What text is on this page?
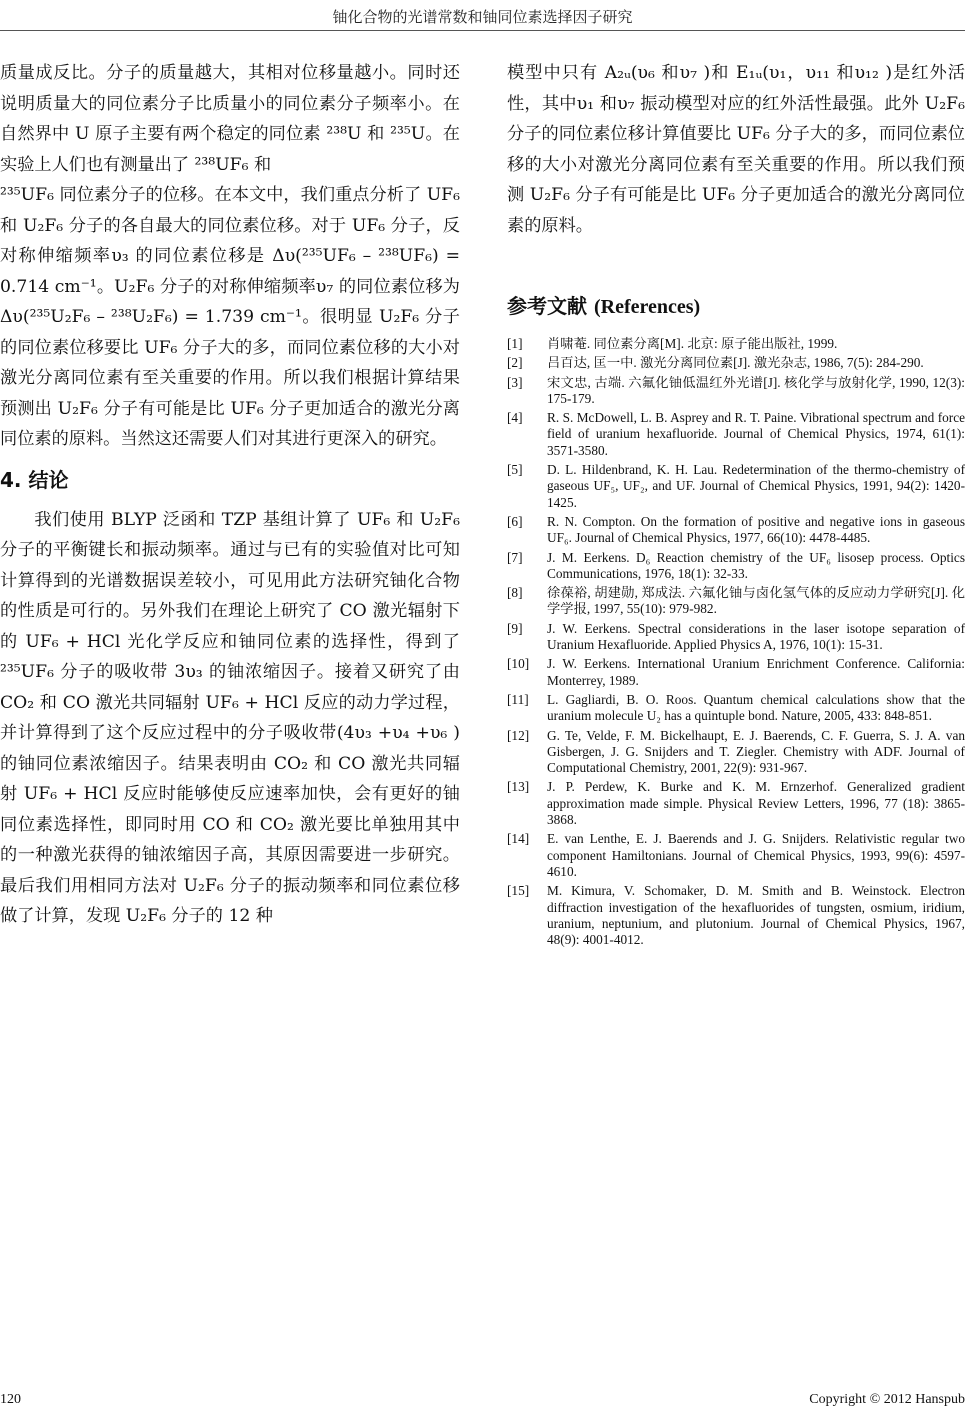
铀化合物的光谱常数和铀同位素选择因子研究

质量成反比。分子的质量越大，其相对位移量越小。同时还说明质量大的同位素分子比质量小的同位素分子频率小。在自然界中 U 原子主要有两个稳定的同位素 ²³⁸U 和 ²³⁵U。在实验上人们也有测量出了 ²³⁸UF₆ 和

²³⁵UF₆ 同位素分子的位移。在本文中，我们重点分析了 UF₆ 和 U₂F₆ 分子的各自最大的同位素位移。对于 UF₆ 分子，反对称伸缩频率υ₃ 的同位素位移是 Δυ(²³⁵UF₆ – ²³⁸UF₆) = 0.714 cm⁻¹。U₂F₆ 分子的对称伸缩频率υ₇ 的同位素位移为 Δυ(²³⁵U₂F₆ – ²³⁸U₂F₆) = 1.739 cm⁻¹。很明显 U₂F₆ 分子的同位素位移要比 UF₆ 分子大的多，而同位素位移的大小对激光分离同位素有至关重要的作用。所以我们根据计算结果预测出 U₂F₆ 分子有可能是比 UF₆ 分子更加适合的激光分离同位素的原料。当然这还需要人们对其进行更深入的研究。

4. 结论

我们使用 BLYP 泛函和 TZP 基组计算了 UF₆ 和 U₂F₆ 分子的平衡键长和振动频率。通过与已有的实验值对比可知计算得到的光谱数据误差较小，可见用此方法研究铀化合物的性质是可行的。另外我们在理论上研究了 CO 激光辐射下的 UF₆ + HCl 光化学反应和铀同位素的选择性，得到了 ²³⁵UF₆ 分子的吸收带 3υ₃ 的铀浓缩因子。接着又研究了由 CO₂ 和 CO 激光共同辐射 UF₆ + HCl 反应的动力学过程，并计算得到了这个反应过程中的分子吸收带(4υ₃ +υ₄ +υ₆ )的铀同位素浓缩因子。结果表明由 CO₂ 和 CO 激光共同辐射 UF₆ + HCl 反应时能够使反应速率加快，会有更好的铀同位素选择性，即同时用 CO 和 CO₂ 激光要比单独用其中的一种激光获得的铀浓缩因子高，其原因需要进一步研究。最后我们用相同方法对 U₂F₆ 分子的振动频率和同位素位移做了计算，发现 U₂F₆ 分子的 12 种

模型中只有 A₂ᵤ(υ₆ 和υ₇ )和 E₁ᵤ(υ₁，υ₁₁ 和υ₁₂ )是红外活性，其中υ₁ 和υ₇ 振动模型对应的红外活性最强。此外 U₂F₆ 分子的同位素位移计算值要比 UF₆ 分子大的多，而同位素位移的大小对激光分离同位素有至关重要的作用。所以我们预测 U₂F₆ 分子有可能是比 UF₆ 分子更加适合的激光分离同位素的原料。

参考文献 (References)
[1]	肖啸菴. 同位素分离[M]. 北京: 原子能出版社, 1999.
[2]	吕百达, 匡一中. 激光分离同位素[J]. 激光杂志, 1986, 7(5): 284-290.
[3]	宋文忠, 古端. 六氟化铀低温红外光谱[J]. 核化学与放射化学, 1990, 12(3): 175-179.
[4]	R. S. McDowell, L. B. Asprey and R. T. Paine. Vibrational spectrum and force field of uranium hexafluoride. Journal of Chemical Physics, 1974, 61(1): 3571-3580.
[5]	D. L. Hildenbrand, K. H. Lau. Redetermination of the thermo-chemistry of gaseous UF₅, UF₂, and UF. Journal of Chemical Physics, 1991, 94(2): 1420-1425.
[6]	R. N. Compton. On the formation of positive and negative ions in gaseous UF₆. Journal of Chemical Physics, 1977, 66(10): 4478-4485.
[7]	J. M. Eerkens. D₆ Reaction chemistry of the UF₆ lisosep process. Optics Communications, 1976, 18(1): 32-33.
[8]	徐葆裕, 胡建勋, 郑成法. 六氟化铀与卤化氢气体的反应动力学研究[J]. 化学学报, 1997, 55(10): 979-982.
[9]	J. W. Eerkens. Spectral considerations in the laser isotope separation of Uranium Hexafluoride. Applied Physics A, 1976, 10(1): 15-31.
[10]	J. W. Eerkens. International Uranium Enrichment Conference. California: Monterrey, 1989.
[11]	L. Gagliardi, B. O. Roos. Quantum chemical calculations show that the uranium molecule U₂ has a quintuple bond. Nature, 2005, 433: 848-851.
[12]	G. Te, Velde, F. M. Bickelhaupt, E. J. Baerends, C. F. Guerra, S. J. A. van Gisbergen, J. G. Snijders and T. Ziegler. Chemistry with ADF. Journal of Computational Chemistry, 2001, 22(9): 931-967.
[13]	J. P. Perdew, K. Burke and K. M. Ernzerhof. Generalized gradient approximation made simple. Physical Review Letters, 1996, 77 (18): 3865-3868.
[14]	E. van Lenthe, E. J. Baerends and J. G. Snijders. Relativistic regular two component Hamiltonians. Journal of Chemical Physics, 1993, 99(6): 4597-4610.
[15]	M. Kimura, V. Schomaker, D. M. Smith and B. Weinstock. Electron diffraction investigation of the hexafluorides of tungsten, osmium, iridium, uranium, neptunium, and plutonium. Journal of Chemical Physics, 1967, 48(9): 4001-4012.
120	Copyright © 2012 Hanspub
